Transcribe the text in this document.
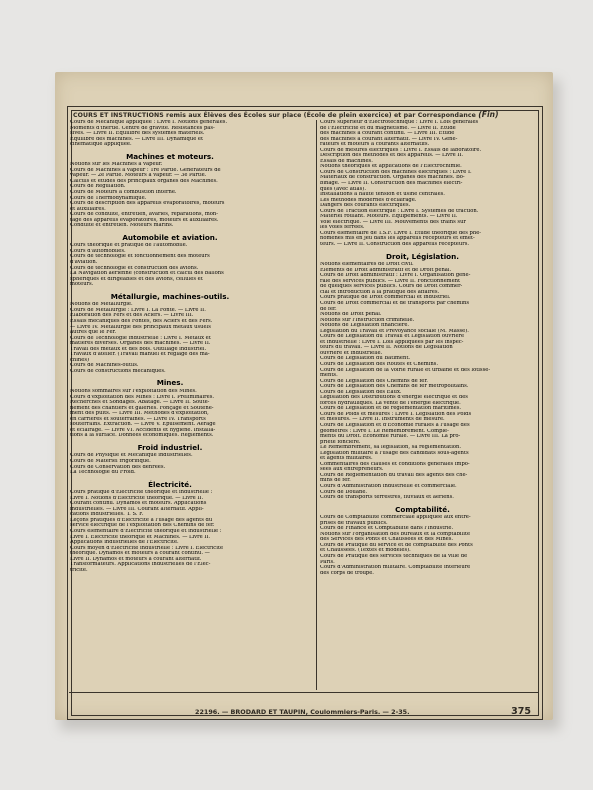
COURS ET INSTRUCTIONS remis aux Élèves des Écoles sur place (École de plein exercice) et par Correspondance (Fin)
Cours de Mécanique appliquée : Livre I. Notions générales.
Moments d'inertie. Centre de gravité. Résistances pas-
sives. — Livre II. Équilibre des systèmes matériels.
Équilibre des machines. — Livre III. Dynamique et
cinématique appliquée.
Machines et moteurs.
Notions sur les Machines à vapeur.
Cours de Machines à vapeur : 1re Partie. Générateurs de
vapeur. — 2e Partie. Moteurs à vapeur. — 3e Partie.
Calculs et études des principaux organes des Machines.
Cours de Régulation.
Cours de Moteurs à combustion interne.
Cours de Thermodynamique.
Cours de description des appareils évaporatoires, moteurs
et auxiliaires.
Cours de conduite, entretien, avaries, réparations, mon-
tage des appareils évaporatoires, moteurs et auxiliaires.
Conduite et entretien. Moteurs marins.
Automobile et aviation.
Cours théorique et pratique de l'automobile.
Cours d'automobiles.
Cours de technologie et fonctionnement des moteurs
d'aviation.
Cours de technologie et construction des avions.
La Navigation aérienne (construction et calcul des ballons
sphériques et dirigeables et des avions, cellules et
moteurs.
Métallurgie, machines-outils.
Notions de Métallurgie.
Cours de Métallurgie : Livre I. La Fonte. — Livre II.
Élaboration des Fers et des Aciers. — Livre III.
Essais mécaniques des Fontes, des Aciers et des Fers.
— Livre IV. Métallurgie des principaux métaux usuels
autres que le Fer.
Cours de Technologie industrielle : Livre I. Métaux et
matières diverses. Organes des machines. — Livre II.
Travail des métaux et des bois. Outillage industriel.
Travaux d'atelier. (Travail manuel et réglage des ma-
chines)
Cours de Machines-outils.
Cours de constructions mécaniques.
Mines.
Notions sommaires sur l'exploitation des Mines.
Cours d'exploitation des Mines : Livre I. Préliminaires.
Recherches et Sondages. Abatage. — Livre II. Soutè-
nement des chantiers et galeries. Fonçage et Soutène-
ment des puits. — Livre III. Méthodes d'exploitation,
en carrières et souterraines. — Livre IV. Transports
souterrains. Extraction. — Livre V. Épuisement. Aérage
et éclairage. — Livre VI. Accidents et hygiène. Installa-
tions à la surface. Données économiques. Règlements.
Froid industriel.
Cours de Physique et Mécanique industrielles.
Cours de Matériel frigorifique.
Cours de Conservation des denrées.
La Technologie du Froid.
Électricité.
Cours pratique d'Électricité théorique et industrielle :
Livre I. Notions d'Électricité théorique. — Livre II.
Courant continu. Dynamos et moteurs. Applications
industrielles. — Livre III. Courant alternatif. Appli-
cations industrielles. T. S. F.
Leçons pratiques d'Électricité à l'usage des agents du
service électrique de l'exploitation des Chemins de fer.
Cours élémentaire d'Électricité théorique et industrielle :
Livre I. Électricité théorique et Machines. — Livre II.
Applications industrielles de l'Électricité.
Cours moyen d'Électricité industrielle : Livre I. Électricité
théorique. Dynamos et moteurs à courant continu. —
Livre II. Dynamos et moteurs à courant alternatif.
Transformateurs. Applications industrielles de l'Élec-
tricité.
Cours supérieur d'Électrotechnique : Livre I. Lois générales
de l'Électricité et du magnétisme. — Livre II. Étude
des machines à courant continu. — Livre III. Étude
des machines à courant alternatif. — Livre IV. Géné-
rateurs et moteurs à courants alternatifs.
Cours de mesures électriques : Livre I. Essais de laboratoire.
Description des méthodes et des appareils. — Livre II.
Essais de machines.
Notions théoriques et applications de l'Électrochimie.
Cours de Construction des machines électriques : Livre I.
Matériaux de construction. Organes des machines. Bo-
binage. — Livre II. Construction des machines électri-
ques (avec atlas).
Installations à haute tension et usine centrales.
Les méthodes modernes d'éclairage.
Dangers des courants électriques.
Cours de Traction électrique : Livre I. Systèmes de traction.
Matériel roulant. Moteurs. Équipements. — Livre II.
Voie électrique. — Livre III. Mouvements des trains sur
les voies ferrées.
Cours élémentaire de T.S.F. Livre I. Étude théorique des phé-
nomènes mis en jeu dans les appareils récepteurs et émet-
teurs. — Livre II. Construction des appareils récepteurs.
Droit, Législation.
Notions élémentaires de Droit civil.
Éléments de Droit administratif et de Droit pénal.
Cours de Droit administratif : Livre I. Organisation géné-
rale des services publics. — Livre II. Fonctionnement
de quelques services publics. Cours de Droit commer-
cial et introduction à la pratique des affaires.
Cours pratique de Droit commercial et industriel.
Cours de Droit commercial et de transports par chemins
de fer.
Notions de Droit pénal.
Notions sur l'Instruction criminelle.
Notions de Législation financière.
Législation du Travail et Prévoyance sociale (M. Massé).
Cours de Législation du Travail et Législation ouvrière
et industrielle : Livre I. Lois appliquées par les inspec-
teurs du travail. — Livre II. Notions de Législation
ouvrière et industrielle.
Cours de Législation du Bâtiment.
Cours de Législation des Routes et Chemins.
Cours de Législation de la Voirie rurale et urbaine et des lotisse-
ments.
Cours de Législation des Chemins de fer.
Cours de Législation des Chemins de fer métropolitains.
Cours de Législation des Eaux.
Législation des Distributions d'énergie électrique et des
forces hydrauliques. La vente de l'énergie électrique.
Cours de Législation et de réglementation maritimes.
Cours de Poids et mesures : Livre I. Législation des Poids
et mesures. — Livre II. Instruments de mesure.
Cours de Législation et d'Économie rurales à l'usage des
géomètres : Livre I. Le Remembrement. Complé-
ments du Droit. Économie rurale. — Livre III. La pro-
priété foncière.
Le Remembrement, sa législation, sa réglementation.
Législation militaire à l'usage des candidats sous-agents
et agents militaires.
Commentaires des clauses et conditions générales impo-
sées aux entrepreneurs.
Cours de Réglementation du travail des agents des che-
mins de fer.
Cours d'Administration industrielle et commerciale.
Cours de Douane.
Cours de transports terrestres, fluviaux et aériens.
Comptabilité.
Cours de Comptabilité commerciale appliquée aux entre-
prises de travaux publics.
Cours de Finance et Comptabilité dans l'Industrie.
Notions sur l'organisation des bureaux et la comptabilité
des Services des Ponts et Chaussées et des Mines.
Cours de Pratique du service et de comptabilité des Ponts
et Chaussées. (Textes et modèles).
Cours de Pratique des services techniques de la ville de
Paris.
Cours d'Administration militaire. Comptabilité intérieure
des corps de troupe.
22196. — BRODARD ET TAUPIN, Coulommiers-Paris. — 2-35.	375
